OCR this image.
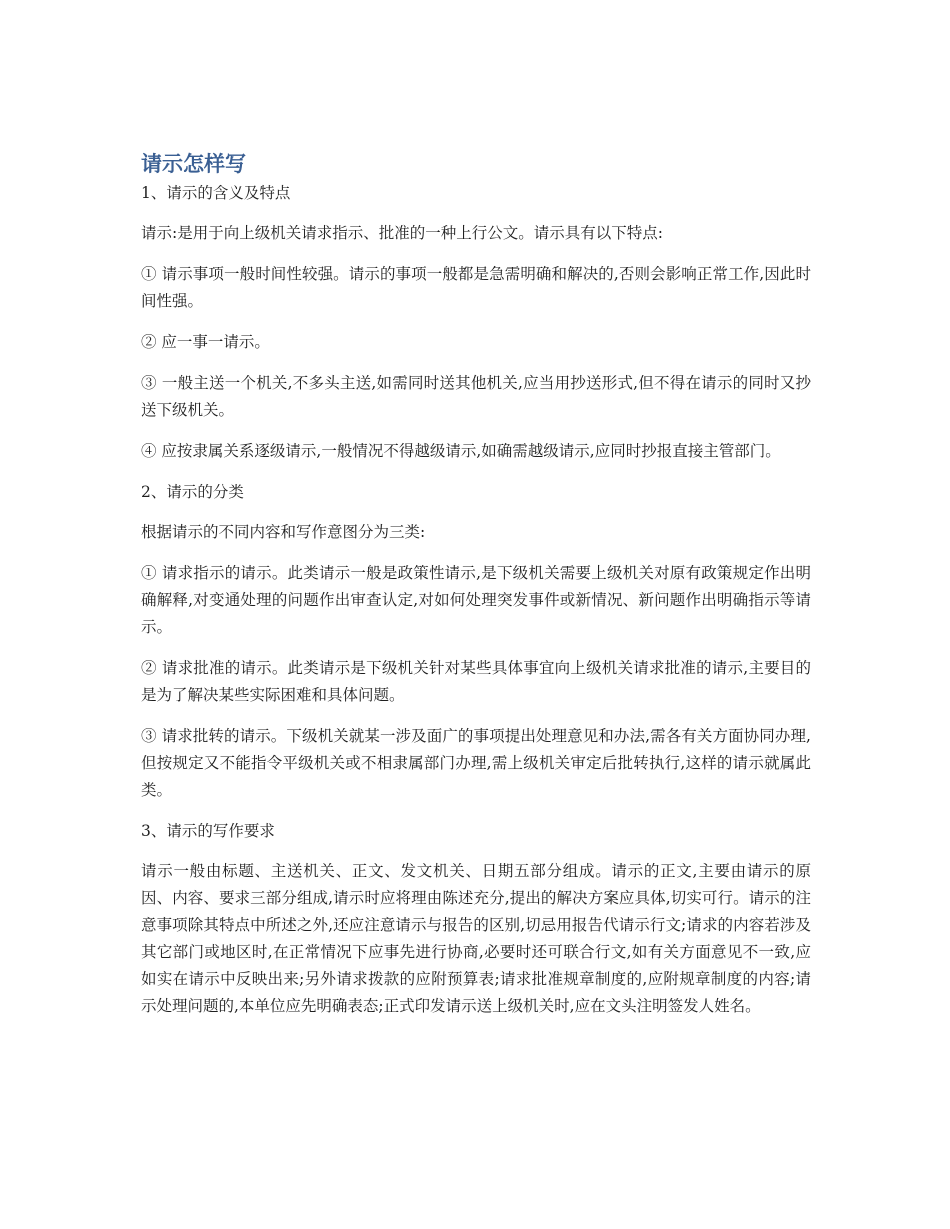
请示怎样写
1、请示的含义及特点

请示:是用于向上级机关请求指示、批准的一种上行公文。请示具有以下特点:

① 请示事项一般时间性较强。请示的事项一般都是急需明确和解决的,否则会影响正常工作,因此时间性强。

② 应一事一请示。

③ 一般主送一个机关,不多头主送,如需同时送其他机关,应当用抄送形式,但不得在请示的同时又抄送下级机关。

④ 应按隶属关系逐级请示,一般情况不得越级请示,如确需越级请示,应同时抄报直接主管部门。

2、请示的分类

根据请示的不同内容和写作意图分为三类:

① 请求指示的请示。此类请示一般是政策性请示,是下级机关需要上级机关对原有政策规定作出明确解释,对变通处理的问题作出审查认定,对如何处理突发事件或新情况、新问题作出明确指示等请示。

② 请求批准的请示。此类请示是下级机关针对某些具体事宜向上级机关请求批准的请示,主要目的是为了解决某些实际困难和具体问题。

③ 请求批转的请示。下级机关就某一涉及面广的事项提出处理意见和办法,需各有关方面协同办理,但按规定又不能指令平级机关或不相隶属部门办理,需上级机关审定后批转执行,这样的请示就属此类。

3、请示的写作要求

请示一般由标题、主送机关、正文、发文机关、日期五部分组成。请示的正文,主要由请示的原因、内容、要求三部分组成,请示时应将理由陈述充分,提出的解决方案应具体,切实可行。请示的注意事项除其特点中所述之外,还应注意请示与报告的区别,切忌用报告代请示行文;请求的内容若涉及其它部门或地区时,在正常情况下应事先进行协商,必要时还可联合行文,如有关方面意见不一致,应如实在请示中反映出来;另外请求拨款的应附预算表;请求批准规章制度的,应附规章制度的内容;请示处理问题的,本单位应先明确表态;正式印发请示送上级机关时,应在文头注明签发人姓名。
